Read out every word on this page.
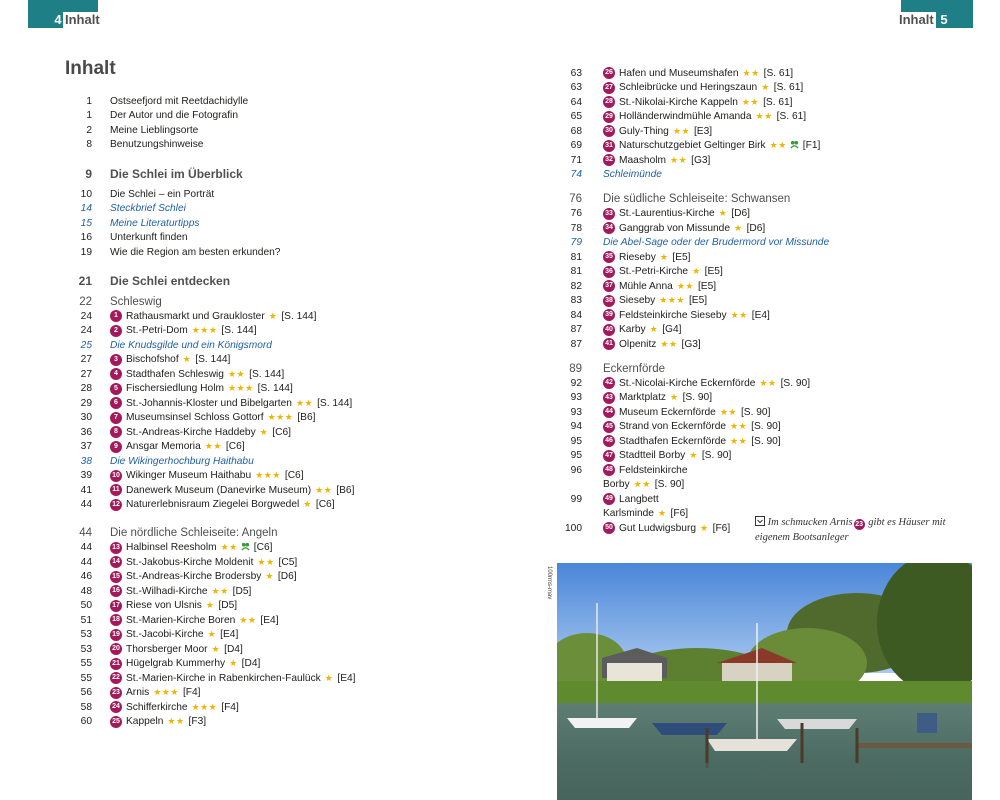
4 Inhalt	Inhalt 5
Inhalt
1 Ostseefjord mit Reetdachidylle
1 Der Autor und die Fotografin
2 Meine Lieblingsorte
8 Benutzungshinweise
9 Die Schlei im Überblick
10 Die Schlei – ein Porträt
14 Steckbrief Schlei
15 Meine Literaturtipps
16 Unterkunft finden
19 Wie die Region am besten erkunden?
21 Die Schlei entdecken
22 Schleswig
24	1 Rathausmarkt und Graukloster ★ [S. 144]
24	2 St.-Petri-Dom ★★★ [S. 144]
25 Die Knudsgilde und ein Königsmord
27	3 Bischofshof ★ [S. 144]
27	4 Stadthafen Schleswig ★★ [S. 144]
28	5 Fischersiedlung Holm ★★★ [S. 144]
29	6 St.-Johannis-Kloster und Bibelgarten ★★ [S. 144]
30	7 Museumsinsel Schloss Gottorf ★★★ [B6]
36	8 St.-Andreas-Kirche Haddeby ★ [C6]
37	9 Ansgar Memoria ★★ [C6]
38 Die Wikingerhochburg Haithabu
39	10 Wikinger Museum Haithabu ★★★ [C6]
41	11 Danewerk Museum (Danevirke Museum) ★★ [B6]
44	12 Naturerlebnisraum Ziegelei Borgwedel ★ [C6]
44 Die nördliche Schleiseite: Angeln
44	13 Halbinsel Reesholm ★★ [C6]
44	14 St.-Jakobus-Kirche Moldenit ★★ [C5]
46	15 St.-Andreas-Kirche Brodersby ★ [D6]
48	16 St.-Wilhadi-Kirche ★★ [D5]
50	17 Riese von Ulsnis ★ [D5]
51	18 St.-Marien-Kirche Boren ★★ [E4]
53	19 St.-Jacobi-Kirche ★ [E4]
53	20 Thorsberger Moor ★ [D4]
55	21 Hügelgrab Kummerhy ★ [D4]
55	22 St.-Marien-Kirche in Rabenkirchen-Faulück ★ [E4]
56	23 Arnis ★★★ [F4]
58	24 Schifferkirche ★★★ [F4]
60	25 Kappeln ★★ [F3]
63	26 Hafen und Museumshafen ★★ [S. 61]
63	27 Schleibrücke und Heringszaun ★ [S. 61]
64	28 St.-Nikolai-Kirche Kappeln ★★ [S. 61]
65	29 Holländerwindmühle Amanda ★★ [S. 61]
68	30 Guly-Thing ★★ [E3]
69	31 Naturschutzgebiet Geltinger Birk ★★ [F1]
71	32 Maasholm ★★ [G3]
74 Schleimünde
76 Die südliche Schleiseite: Schwansen
76	33 St.-Laurentius-Kirche ★ [D6]
78	34 Ganggrab von Missunde ★ [D6]
79 Die Abel-Sage oder der Brudermord vor Missunde
81	35 Rieseby ★ [E5]
81	36 St.-Petri-Kirche ★ [E5]
82	37 Mühle Anna ★★ [E5]
83	38 Sieseby ★★★ [E5]
84	39 Feldsteinkirche Sieseby ★★ [E4]
87	40 Karby ★ [G4]
87	41 Olpenitz ★★ [G3]
89 Eckernförde
92	42 St.-Nicolai-Kirche Eckernförde ★★ [S. 90]
93	43 Marktplatz ★ [S. 90]
93	44 Museum Eckernförde ★★ [S. 90]
94	45 Strand von Eckernförde ★★ [S. 90]
95	46 Stadthafen Eckernförde ★★ [S. 90]
95	47 Stadtteil Borby ★ [S. 90]
96	48 Feldsteinkirche
Borby ★★ [S. 90]
99	49 Langbett
Karlsminde ★ [F6]
100	50 Gut Ludwigsburg ★ [F6]
Im schmucken Arnis 23 gibt es Häuser mit eigenem Bootsanleger
100rms-mav
